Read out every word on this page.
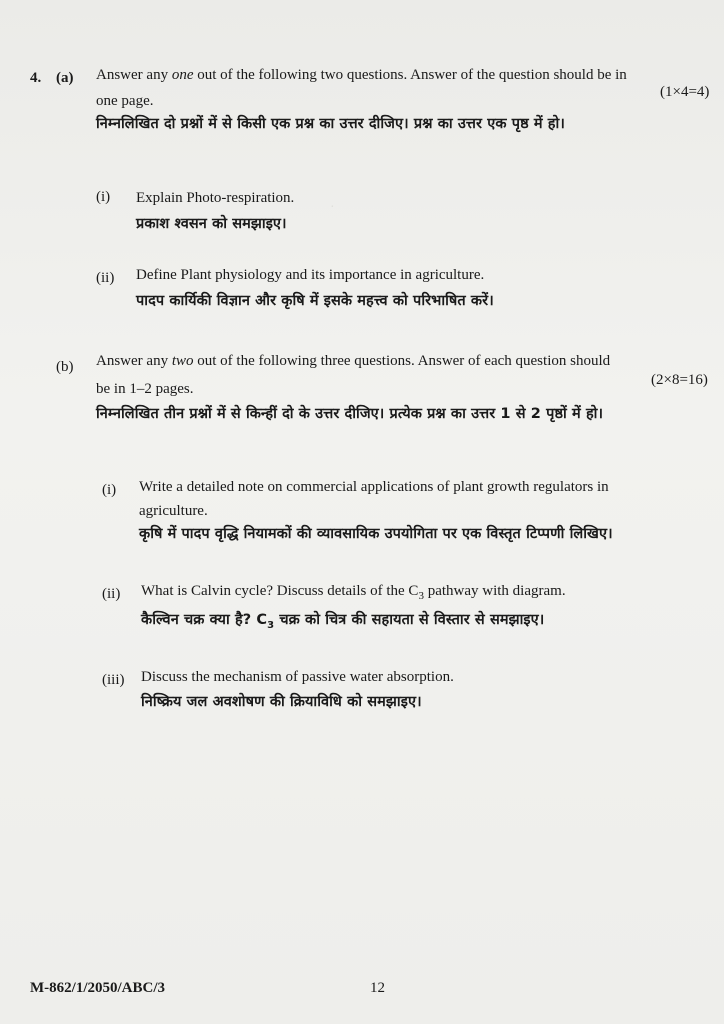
·
4. (a) Answer any one out of the following two questions. Answer of the question should be in
(1×4=4)
one page.
निम्नलिखित दो प्रश्नों में से किसी एक प्रश्न का उत्तर दीजिए। प्रश्न का उत्तर एक पृष्ठ में हो।
(i) Explain Photo-respiration.
प्रकाश श्वसन को समझाइए।
(ii) Define Plant physiology and its importance in agriculture.
पादप कार्यिकी विज्ञान और कृषि में इसके महत्त्व को परिभाषित करें।
(b) Answer any two out of the following three questions. Answer of each question should
be in 1–2 pages.
(2×8=16)
निम्नलिखित तीन प्रश्नों में से किन्हीं दो के उत्तर दीजिए। प्रत्येक प्रश्न का उत्तर 1 से 2 पृष्ठों में हो।
(i) Write a detailed note on commercial applications of plant growth regulators in
agriculture.
कृषि में पादप वृद्धि नियामकों की व्यावसायिक उपयोगिता पर एक विस्तृत टिप्पणी लिखिए।
(ii) What is Calvin cycle? Discuss details of the $C_3$ pathway with diagram.
कैल्विन चक्र क्या है? $C_3$ चक्र को चित्र की सहायता से विस्तार से समझाइए।
(iii) Discuss the mechanism of passive water absorption.
निष्क्रिय जल अवशोषण की क्रियाविधि को समझाइए।
M-862/1/2050/ABC/3	12
